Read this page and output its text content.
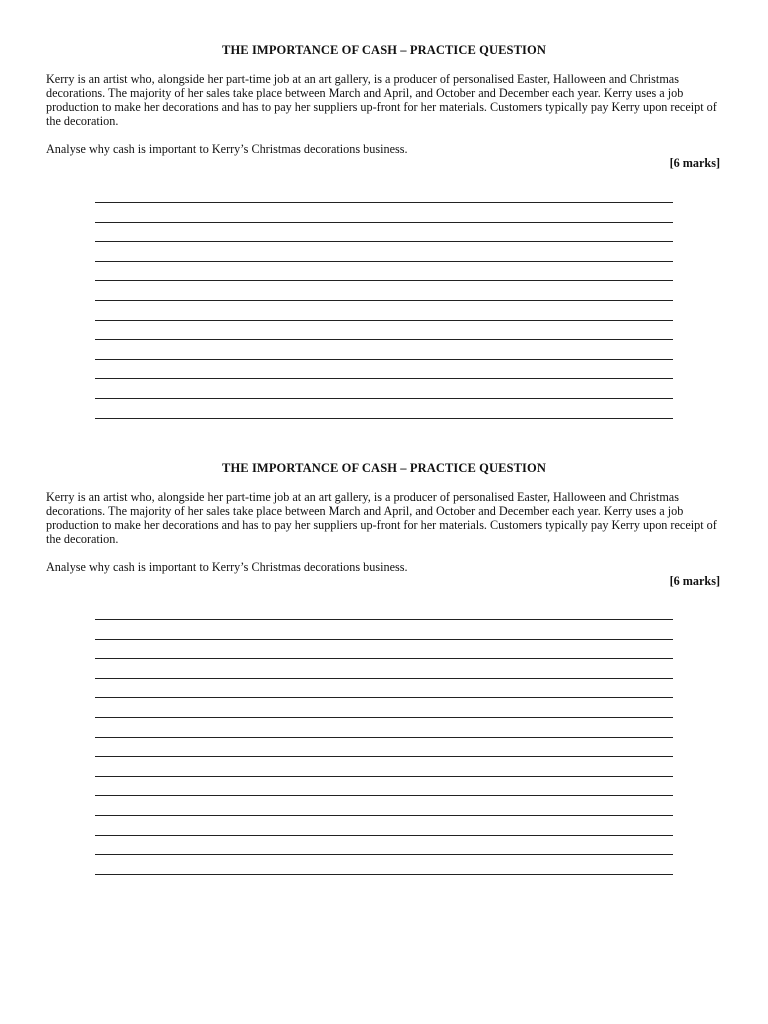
THE IMPORTANCE OF CASH – PRACTICE QUESTION

Kerry is an artist who, alongside her part-time job at an art gallery, is a producer of personalised Easter, Halloween and Christmas decorations. The majority of her sales take place between March and April, and October and December each year. Kerry uses a job production to make her decorations and has to pay her suppliers up-front for her materials. Customers typically pay Kerry upon receipt of the decoration.

Analyse why cash is important to Kerry’s Christmas decorations business.

[6 marks]

THE IMPORTANCE OF CASH – PRACTICE QUESTION

Kerry is an artist who, alongside her part-time job at an art gallery, is a producer of personalised Easter, Halloween and Christmas decorations. The majority of her sales take place between March and April, and October and December each year. Kerry uses a job production to make her decorations and has to pay her suppliers up-front for her materials. Customers typically pay Kerry upon receipt of the decoration.

Analyse why cash is important to Kerry’s Christmas decorations business.

[6 marks]
